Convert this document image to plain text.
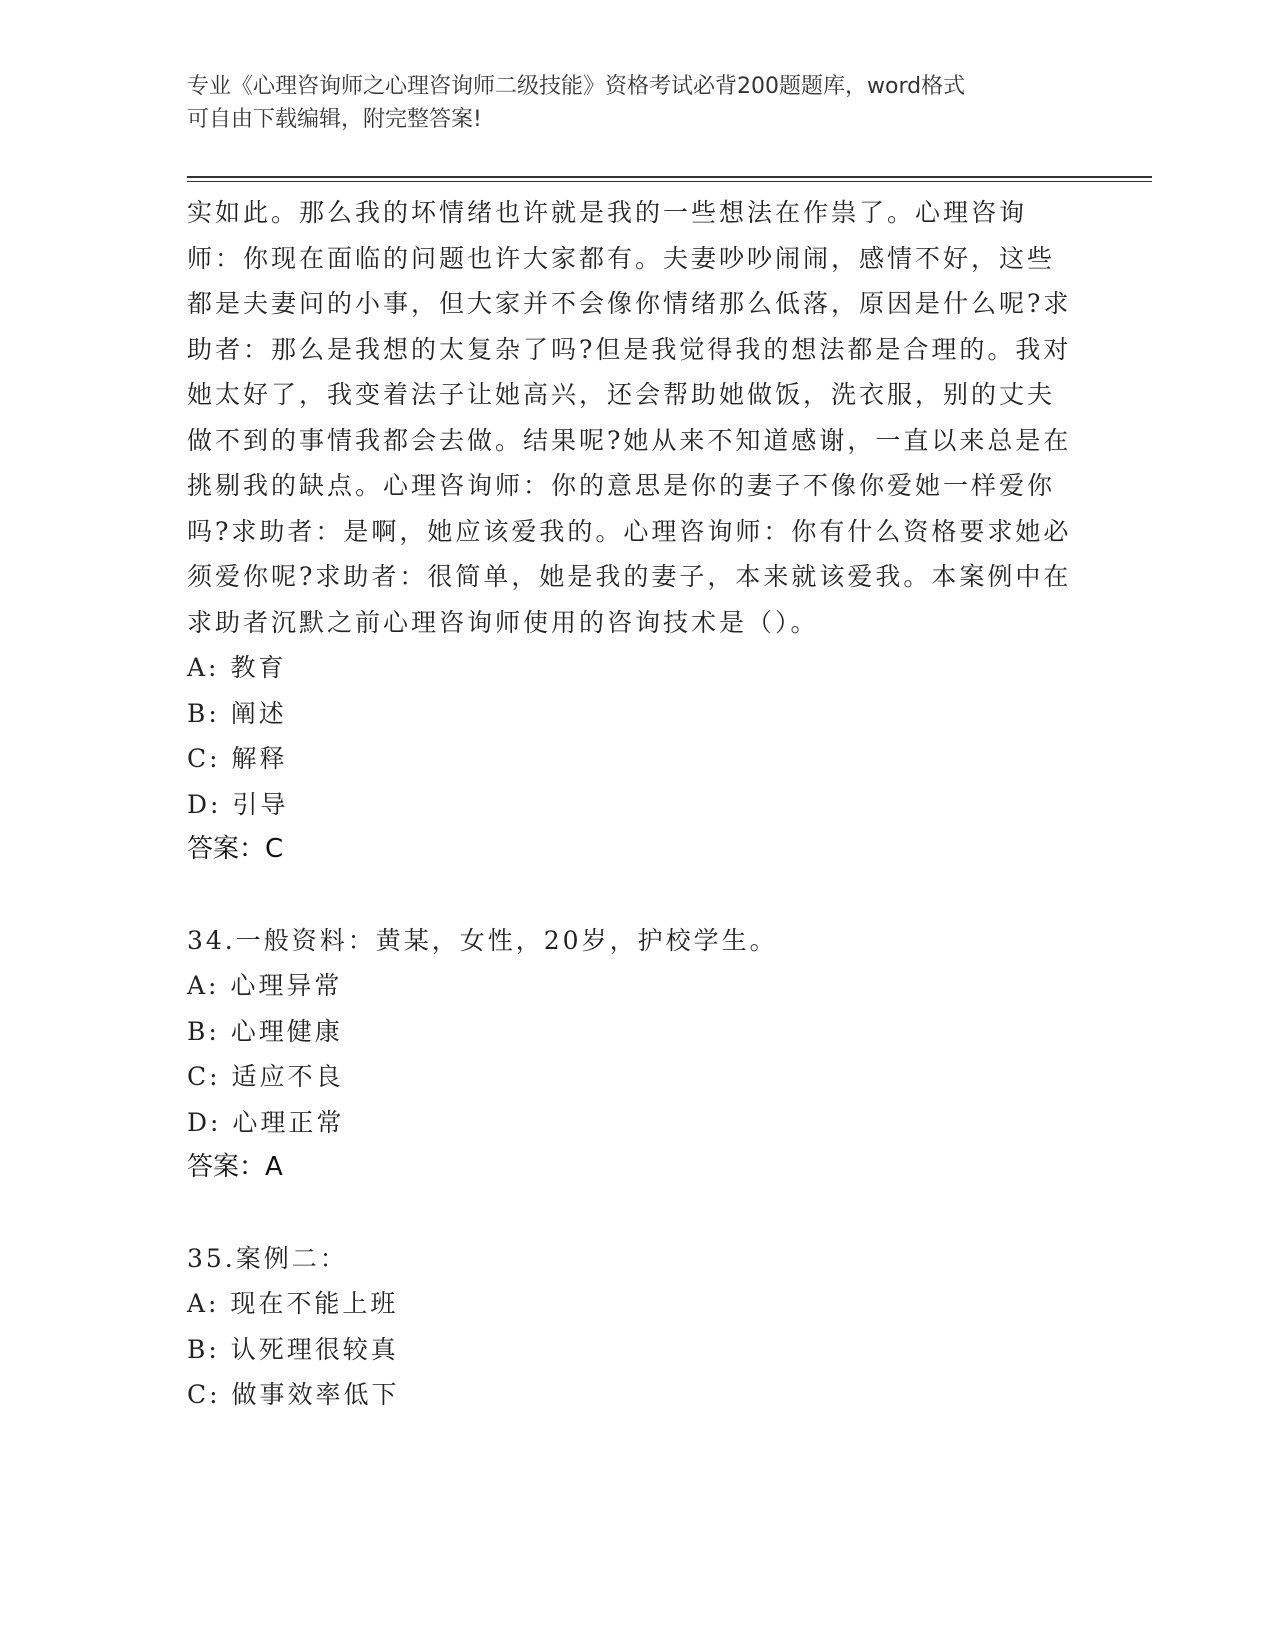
专业《心理咨询师之心理咨询师二级技能》资格考试必背200题题库，word格式
可自由下载编辑，附完整答案!

实如此。那么我的坏情绪也许就是我的一些想法在作祟了。心理咨询师：你现在面临的问题也许大家都有。夫妻吵吵闹闹，感情不好，这些都是夫妻问的小事，但大家并不会像你情绪那么低落，原因是什么呢?求助者：那么是我想的太复杂了吗?但是我觉得我的想法都是合理的。我对她太好了，我变着法子让她高兴，还会帮助她做饭，洗衣服，别的丈夫做不到的事情我都会去做。结果呢?她从来不知道感谢，一直以来总是在挑剔我的缺点。心理咨询师：你的意思是你的妻子不像你爱她一样爱你吗?求助者：是啊，她应该爱我的。心理咨询师：你有什么资格要求她必须爱你呢?求助者：很简单，她是我的妻子，本来就该爱我。本案例中在求助者沉默之前心理咨询师使用的咨询技术是（）。

A: 教育

B: 阐述

C: 解释

D: 引导

答案：C

34.一般资料：黄某，女性，20岁，护校学生。

A: 心理异常

B: 心理健康

C: 适应不良

D: 心理正常

答案：A

35.案例二：

A: 现在不能上班

B: 认死理很较真

C: 做事效率低下
